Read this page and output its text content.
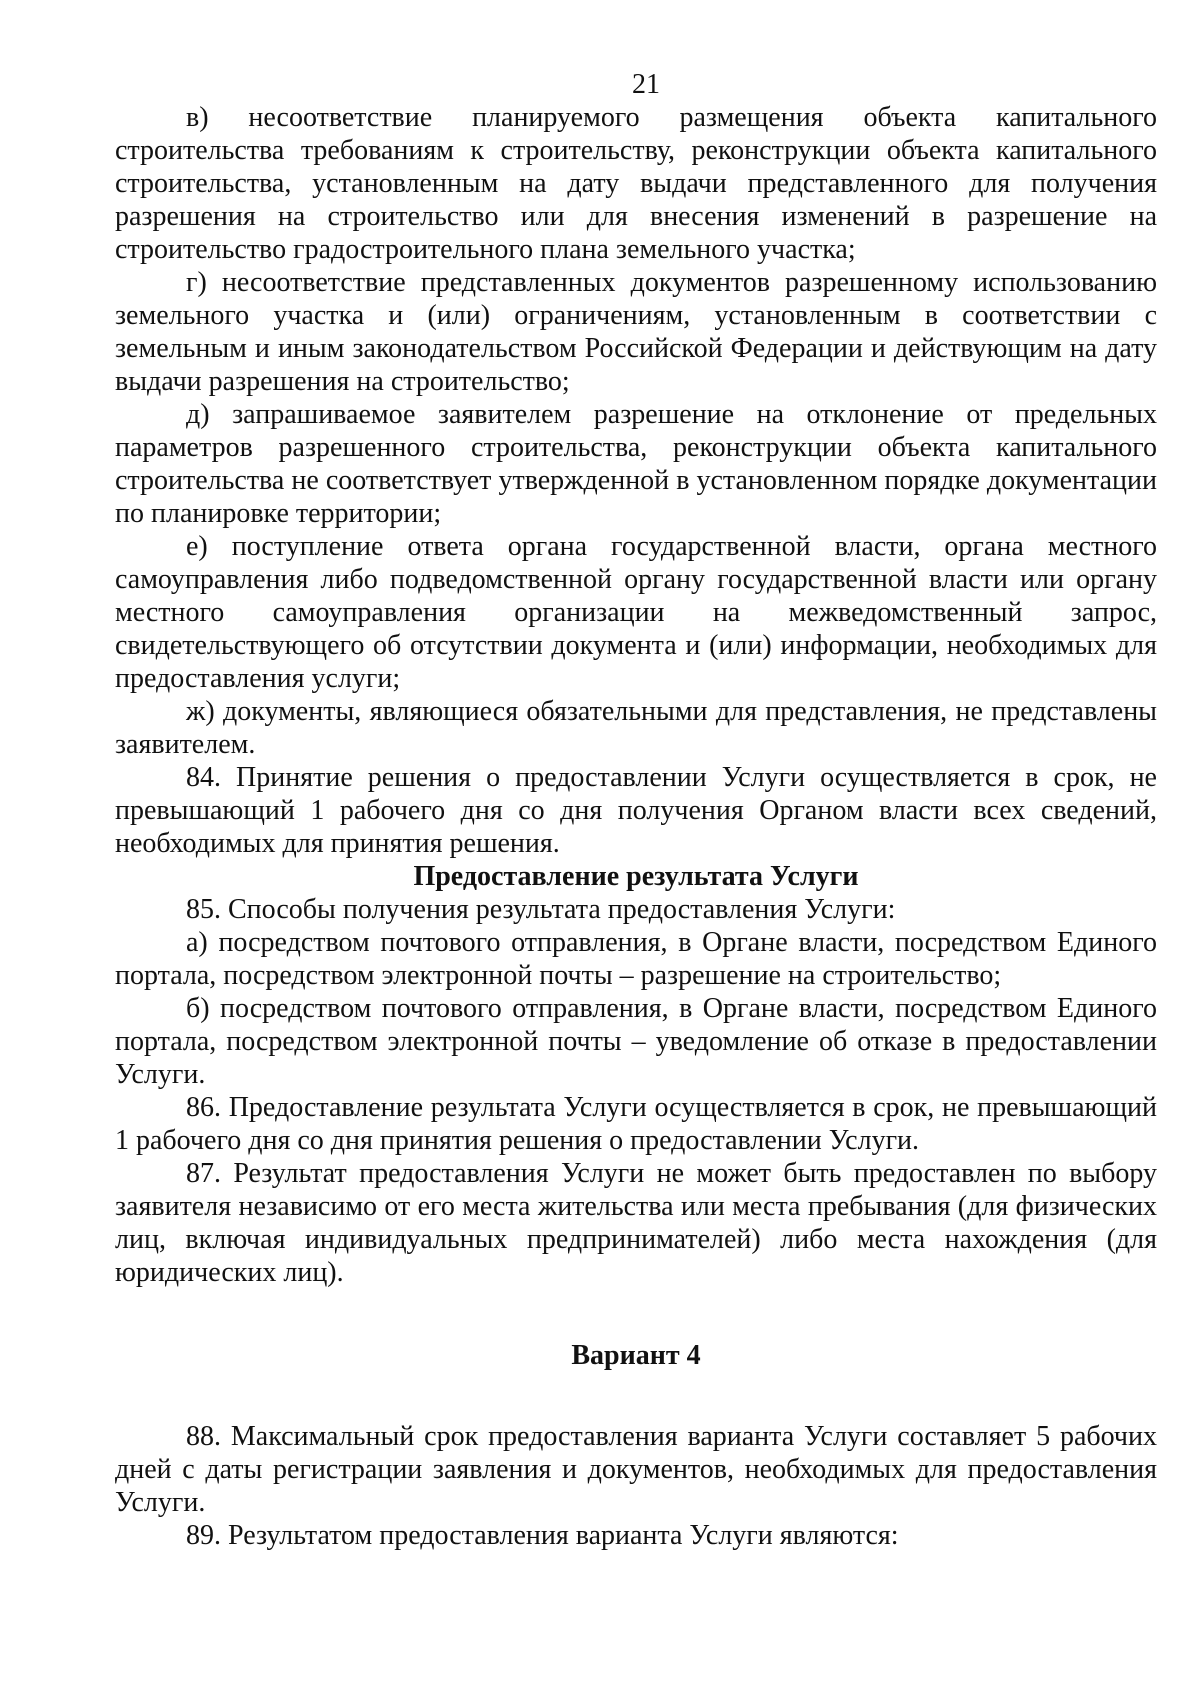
21

в) несоответствие планируемого размещения объекта капитального строительства требованиям к строительству, реконструкции объекта капитального строительства, установленным на дату выдачи представленного для получения разрешения на строительство или для внесения изменений в разрешение на строительство градостроительного плана земельного участка;

г) несоответствие представленных документов разрешенному использованию земельного участка и (или) ограничениям, установленным в соответствии с земельным и иным законодательством Российской Федерации и действующим на дату выдачи разрешения на строительство;

д) запрашиваемое заявителем разрешение на отклонение от предельных параметров разрешенного строительства, реконструкции объекта капитального строительства не соответствует утвержденной в установленном порядке документации по планировке территории;

е) поступление ответа органа государственной власти, органа местного самоуправления либо подведомственной органу государственной власти или органу местного самоуправления организации на межведомственный запрос, свидетельствующего об отсутствии документа и (или) информации, необходимых для предоставления услуги;

ж) документы, являющиеся обязательными для представления, не представлены заявителем.

84. Принятие решения о предоставлении Услуги осуществляется в срок, не превышающий 1 рабочего дня со дня получения Органом власти всех сведений, необходимых для принятия решения.

Предоставление результата Услуги

85. Способы получения результата предоставления Услуги:

а) посредством почтового отправления, в Органе власти, посредством Единого портала, посредством электронной почты – разрешение на строительство;

б) посредством почтового отправления, в Органе власти, посредством Единого портала, посредством электронной почты – уведомление об отказе в предоставлении Услуги.

86. Предоставление результата Услуги осуществляется в срок, не превышающий 1 рабочего дня со дня принятия решения о предоставлении Услуги.

87. Результат предоставления Услуги не может быть предоставлен по выбору заявителя независимо от его места жительства или места пребывания (для физических лиц, включая индивидуальных предпринимателей) либо места нахождения (для юридических лиц).

Вариант 4

88. Максимальный срок предоставления варианта Услуги составляет 5 рабочих дней с даты регистрации заявления и документов, необходимых для предоставления Услуги.

89. Результатом предоставления варианта Услуги являются:
